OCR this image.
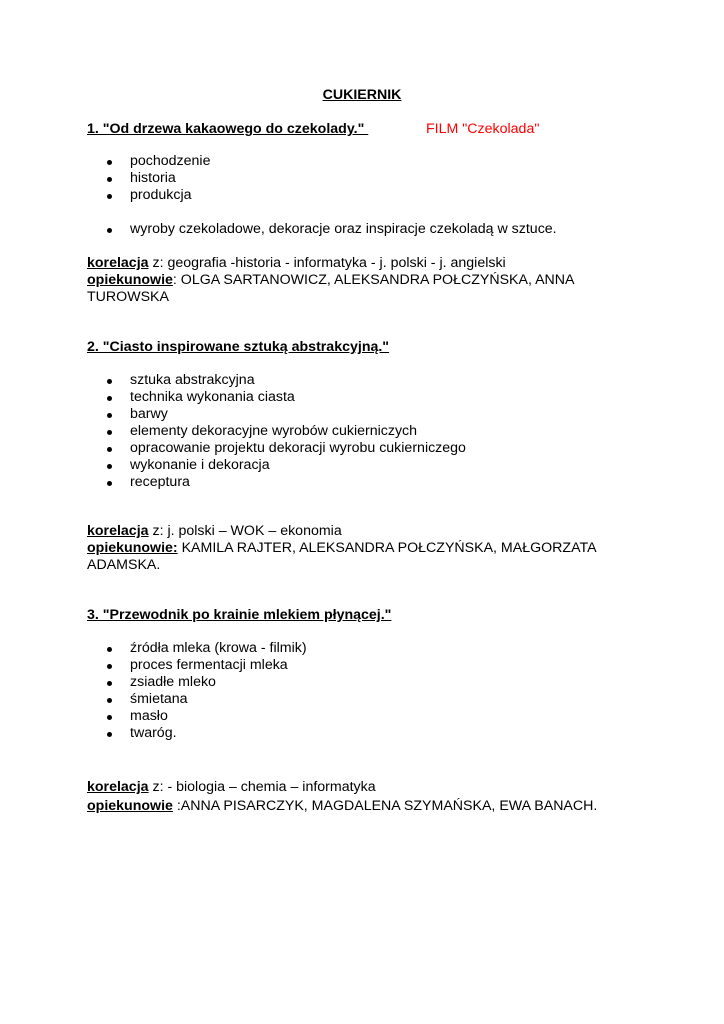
CUKIERNIK
1. "Od drzewa kakaowego do czekolady."	FILM "Czekolada"
pochodzenie
historia
produkcja
wyroby czekoladowe, dekoracje oraz inspiracje czekoladą w sztuce.
korelacja z: geografia -historia - informatyka - j. polski - j. angielski
opiekunowie: OLGA SARTANOWICZ, ALEKSANDRA POŁCZYŃSKA, ANNA TUROWSKA
2. "Ciasto inspirowane sztuką abstrakcyjną."
sztuka abstrakcyjna
technika wykonania ciasta
barwy
elementy dekoracyjne wyrobów cukierniczych
opracowanie projektu dekoracji wyrobu cukierniczego
wykonanie i dekoracja
receptura
korelacja z: j. polski – WOK – ekonomia
opiekunowie: KAMILA RAJTER, ALEKSANDRA POŁCZYŃSKA, MAŁGORZATA ADAMSKA.
3. "Przewodnik po krainie mlekiem płynącej."
źródła mleka (krowa - filmik)
proces fermentacji mleka
zsiadłe mleko
śmietana
masło
twaróg.
korelacja z: - biologia – chemia – informatyka
opiekunowie :ANNA PISARCZYK, MAGDALENA SZYMAŃSKA, EWA BANACH.
